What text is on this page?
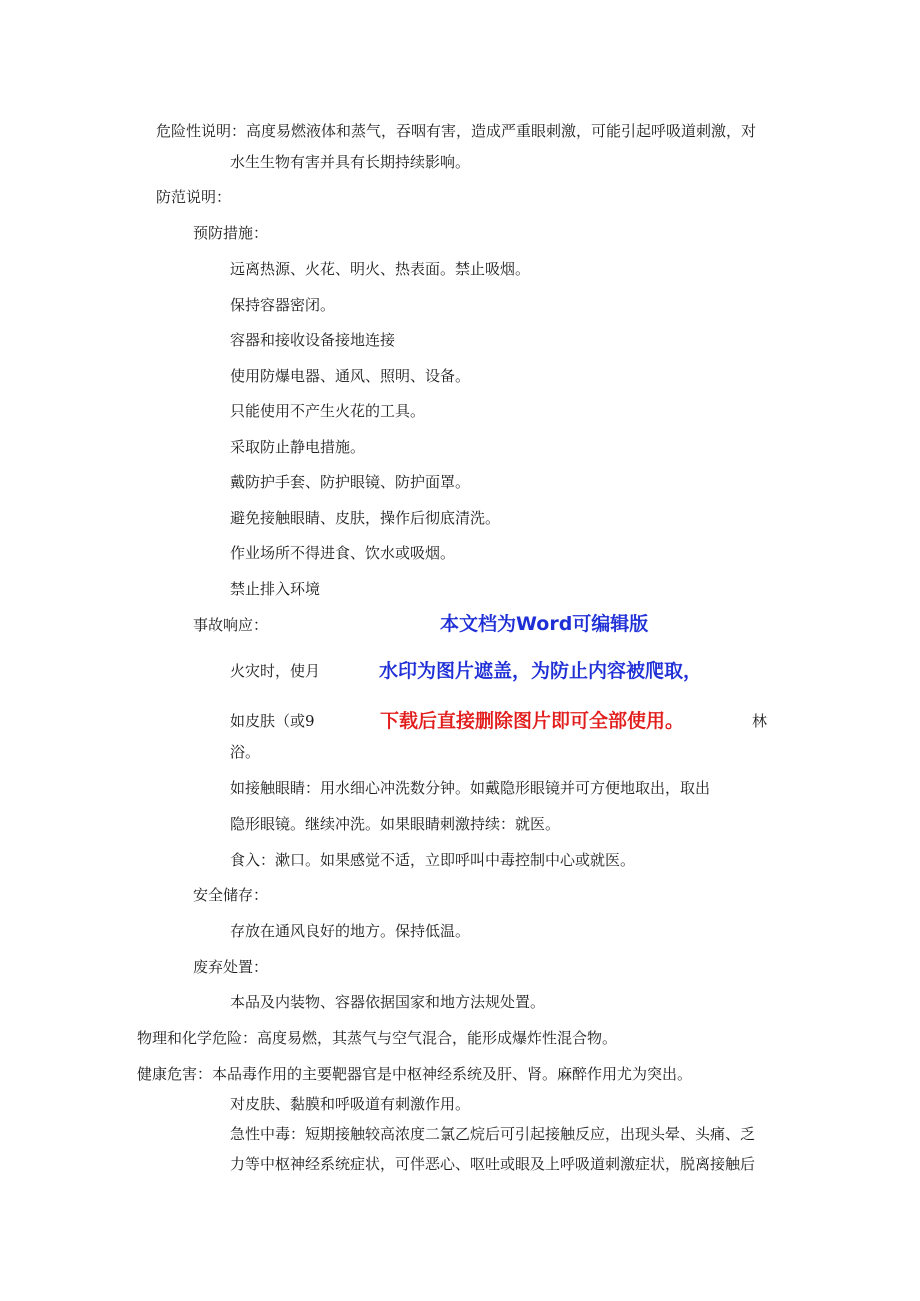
危险性说明：高度易燃液体和蒸气，吞咽有害，造成严重眼刺激，可能引起呼吸道刺激，对
水生生物有害并具有长期持续影响。
防范说明：
预防措施：
远离热源、火花、明火、热表面。禁止吸烟。
保持容器密闭。
容器和接收设备接地连接
使用防爆电器、通风、照明、设备。
只能使用不产生火花的工具。
采取防止静电措施。
戴防护手套、防护眼镜、防护面罩。
避免接触眼睛、皮肤，操作后彻底清洗。
作业场所不得进食、饮水或吸烟。
禁止排入环境
事故响应：
火灾时，使月
如皮肤（或9	林
浴。
如接触眼睛：用水细心冲洗数分钟。如戴隐形眼镜并可方便地取出，取出
隐形眼镜。继续冲洗。如果眼睛刺激持续：就医。
食入：漱口。如果感觉不适，立即呼叫中毒控制中心或就医。
安全储存：
存放在通风良好的地方。保持低温。
废弃处置：
本品及内装物、容器依据国家和地方法规处置。
物理和化学危险：高度易燃，其蒸气与空气混合，能形成爆炸性混合物。
健康危害：本品毒作用的主要靶器官是中枢神经系统及肝、肾。麻醉作用尤为突出。
对皮肤、黏膜和呼吸道有刺激作用。
急性中毒：短期接触较高浓度二氯乙烷后可引起接触反应，出现头晕、头痛、乏
力等中枢神经系统症状，可伴恶心、呕吐或眼及上呼吸道刺激症状，脱离接触后
本文档为Word可编辑版
水印为图片遮盖，为防止内容被爬取，
下载后直接删除图片即可全部使用。
